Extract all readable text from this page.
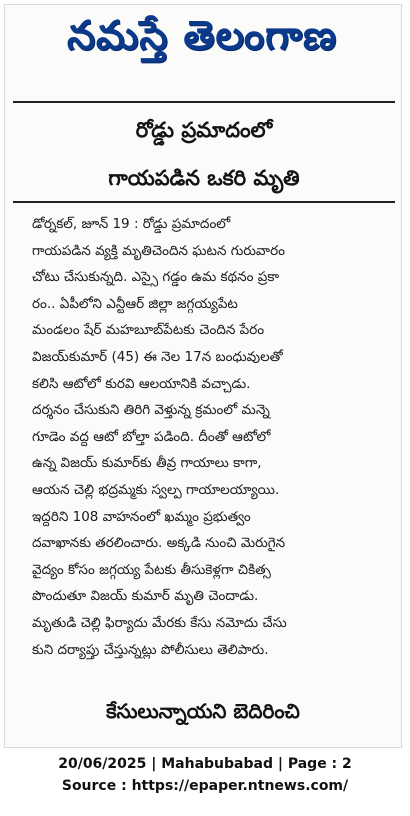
నమస్తే తెలంగాణ
రోడ్డు ప్రమాదంలో
గాయపడిన ఒకరి మృతి
డోర్నకల్, జూన్ 19 : రోడ్డు ప్రమాదంలో
గాయపడిన వ్యక్తి మృతిచెందిన ఘటన గురువారం
చోటు చేసుకున్నది. ఎస్సై గడ్డం ఉమ కథనం ప్రకా
రం.. ఏపీలోని ఎన్టీఆర్ జిల్లా జగ్గయ్యపేట
మండలం షేర్ మహబూబ్‌పేటకు చెందిన పేరం
విజయ్‌కుమార్ (45) ఈ నెల 17న బంధువులతో
కలిసి ఆటోలో కురవి ఆలయానికి వచ్చాడు.
దర్శనం చేసుకుని తిరిగి వెళ్తున్న క్రమంలో మన్నె
గూడెం వద్ద ఆటో బోల్తా పడింది. దీంతో ఆటోలో
ఉన్న విజయ్ కుమార్‌కు తీవ్ర గాయాలు కాగా,
ఆయన చెల్లి భద్రమ్మకు స్వల్ప గాయాలయ్యాయి.
ఇద్దరిని 108 వాహనంలో ఖమ్మం ప్రభుత్వం
దవాఖానకు తరలించారు. అక్కడి నుంచి మెరుగైన
వైద్యం కోసం జగ్గయ్య పేటకు తీసుకెళ్లగా చికిత్స
పొందుతూ విజయ్ కుమార్ మృతి చెందాడు.
మృతుడి చెల్లి ఫిర్యాదు మేరకు కేసు నమోదు చేసు
కుని దర్యాప్తు చేస్తున్నట్లు పోలీసులు తెలిపారు.
కేసులున్నాయని బెదిరించి
20/06/2025 | Mahabubabad | Page : 2
Source : https://epaper.ntnews.com/
